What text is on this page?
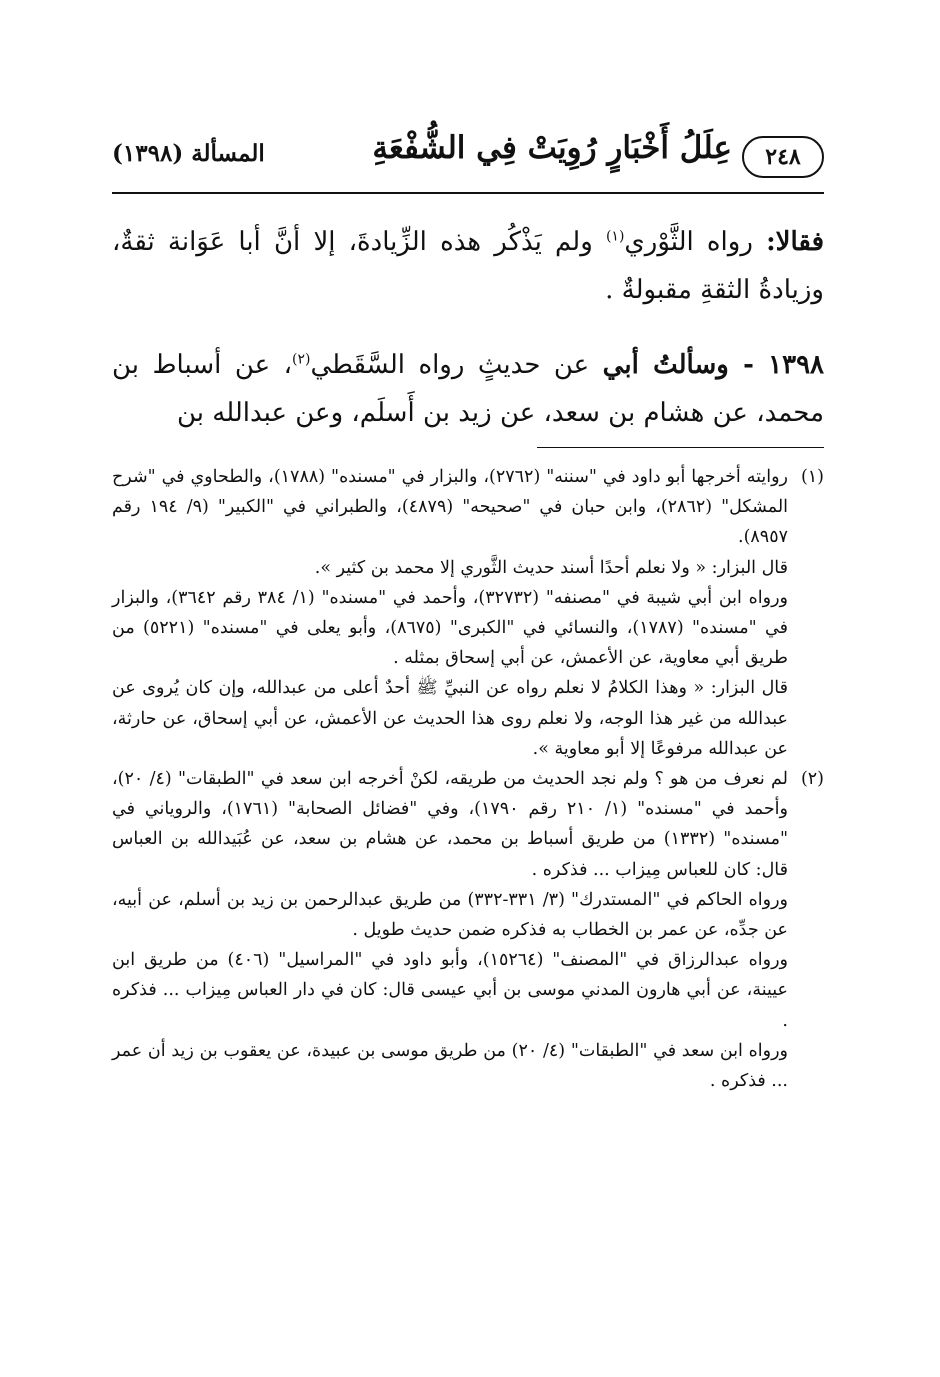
٢٤٨
عِلَلُ أَخْبَارٍ رُوِيَتْ فِي الشُّفْعَةِ
المسألة (١٣٩٨)

فقالا: رواه الثَّوْري$^{(١)}$ ولم يَذْكُر هذه الزِّيادةَ، إلا أنَّ أبا عَوَانة ثقةٌ، وزيادةُ الثقةِ مقبولةٌ .

١٣٩٨ - وسألتُ أبي عن حديثٍ رواه السَّقَطي$^{(٢)}$، عن أسباط بن محمد، عن هشام بن سعد، عن زيد بن أَسلَم، وعن عبدالله بن

(١)

روايته أخرجها أبو داود في "سننه" (٢٧٦٢)، والبزار في "مسنده" (١٧٨٨)، والطحاوي في "شرح المشكل" (٢٨٦٢)، وابن حبان في "صحيحه" (٤٨٧٩)، والطبراني في "الكبير" (٩/ ١٩٤ رقم ٨٩٥٧).

قال البزار: « ولا نعلم أحدًا أسند حديث الثَّوري إلا محمد بن كثير ».

ورواه ابن أبي شيبة في "مصنفه" (٣٢٧٣٢)، وأحمد في "مسنده" (١/ ٣٨٤ رقم ٣٦٤٢)، والبزار في "مسنده" (١٧٨٧)، والنسائي في "الكبرى" (٨٦٧٥)، وأبو يعلى في "مسنده" (٥٢٢١) من طريق أبي معاوية، عن الأعمش، عن أبي إسحاق بمثله .

قال البزار: « وهذا الكلامُ لا نعلم رواه عن النبيِّ ﷺ أحدٌ أعلى من عبدالله، وإن كان يُروى عن عبدالله من غير هذا الوجه، ولا نعلم روى هذا الحديث عن الأعمش، عن أبي إسحاق، عن حارثة، عن عبدالله مرفوعًا إلا أبو معاوية ».

(٢)

لم نعرف من هو ؟ ولم نجد الحديث من طريقه، لكنْ أخرجه ابن سعد في "الطبقات" (٤/ ٢٠)، وأحمد في "مسنده" (١/ ٢١٠ رقم ١٧٩٠)، وفي "فضائل الصحابة" (١٧٦١)، والروياني في "مسنده" (١٣٣٢) من طريق أسباط بن محمد، عن هشام بن سعد، عن عُبَيدالله بن العباس قال: كان للعباس مِيزاب ... فذكره .

ورواه الحاكم في "المستدرك" (٣/ ٣٣١-٣٣٢) من طريق عبدالرحمن بن زيد بن أسلم، عن أبيه، عن جدِّه، عن عمر بن الخطاب به فذكره ضمن حديث طويل .

ورواه عبدالرزاق في "المصنف" (١٥٢٦٤)، وأبو داود في "المراسيل" (٤٠٦) من طريق ابن عيينة، عن أبي هارون المدني موسى بن أبي عيسى قال: كان في دار العباس مِيزاب ... فذكره .

ورواه ابن سعد في "الطبقات" (٤/ ٢٠) من طريق موسى بن عبيدة، عن يعقوب بن زيد أن عمر ... فذكره .
